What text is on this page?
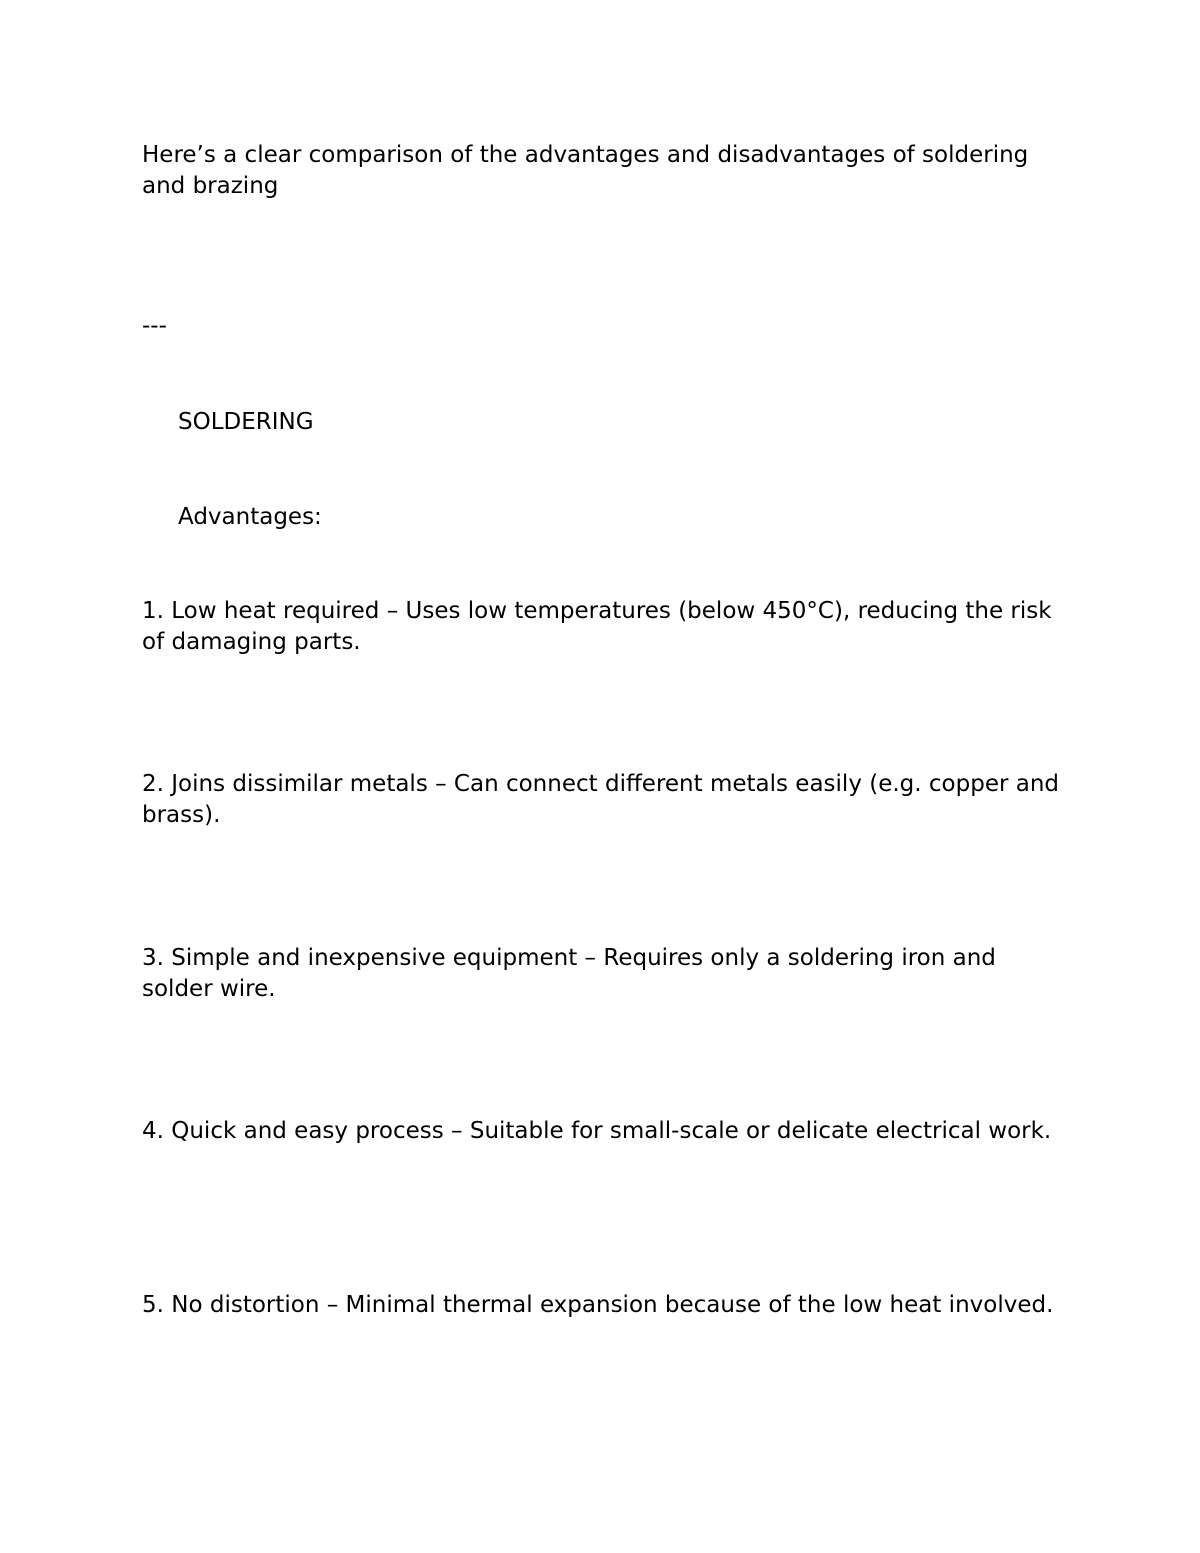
Here’s a clear comparison of the advantages and disadvantages of soldering and brazing

---

SOLDERING

Advantages:

1. Low heat required – Uses low temperatures (below 450°C), reducing the risk of damaging parts.

2. Joins dissimilar metals – Can connect different metals easily (e.g. copper and brass).

3. Simple and inexpensive equipment – Requires only a soldering iron and solder wire.

4. Quick and easy process – Suitable for small-scale or delicate electrical work.

5. No distortion – Minimal thermal expansion because of the low heat involved.
